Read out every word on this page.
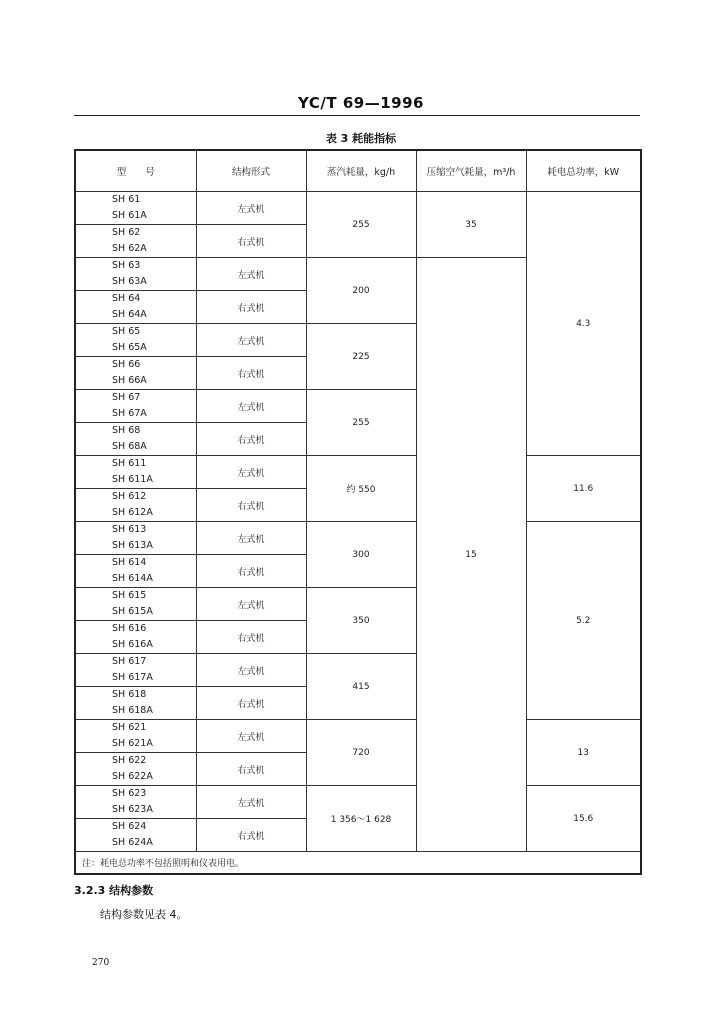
YC/T 69—1996
表 3 耗能指标
型　　号	结构形式	蒸汽耗量，kg/h	压缩空气耗量，m³/h	耗电总功率，kW

SH 61
SH 61A	左式机	255	35	4.3

SH 62
SH 62A	右式机			

SH 63
SH 63A	左式机	200	15	

SH 64
SH 64A	右式机			

SH 65
SH 65A	左式机	225		

SH 66
SH 66A	右式机			

SH 67
SH 67A	左式机	255		

SH 68
SH 68A	右式机			

SH 611
SH 611A	左式机	约 550		11.6

SH 612
SH 612A	右式机			

SH 613
SH 613A	左式机	300		5.2

SH 614
SH 614A	右式机			

SH 615
SH 615A	左式机	350		

SH 616
SH 616A	右式机			

SH 617
SH 617A	左式机	415		

SH 618
SH 618A	右式机			

SH 621
SH 621A	左式机	720		13

SH 622
SH 622A	右式机			

SH 623
SH 623A	左式机	1 356～1 628		15.6

SH 624
SH 624A	右式机			
注：耗电总功率不包括照明和仪表用电。				
3.2.3 结构参数
结构参数见表 4。
270
